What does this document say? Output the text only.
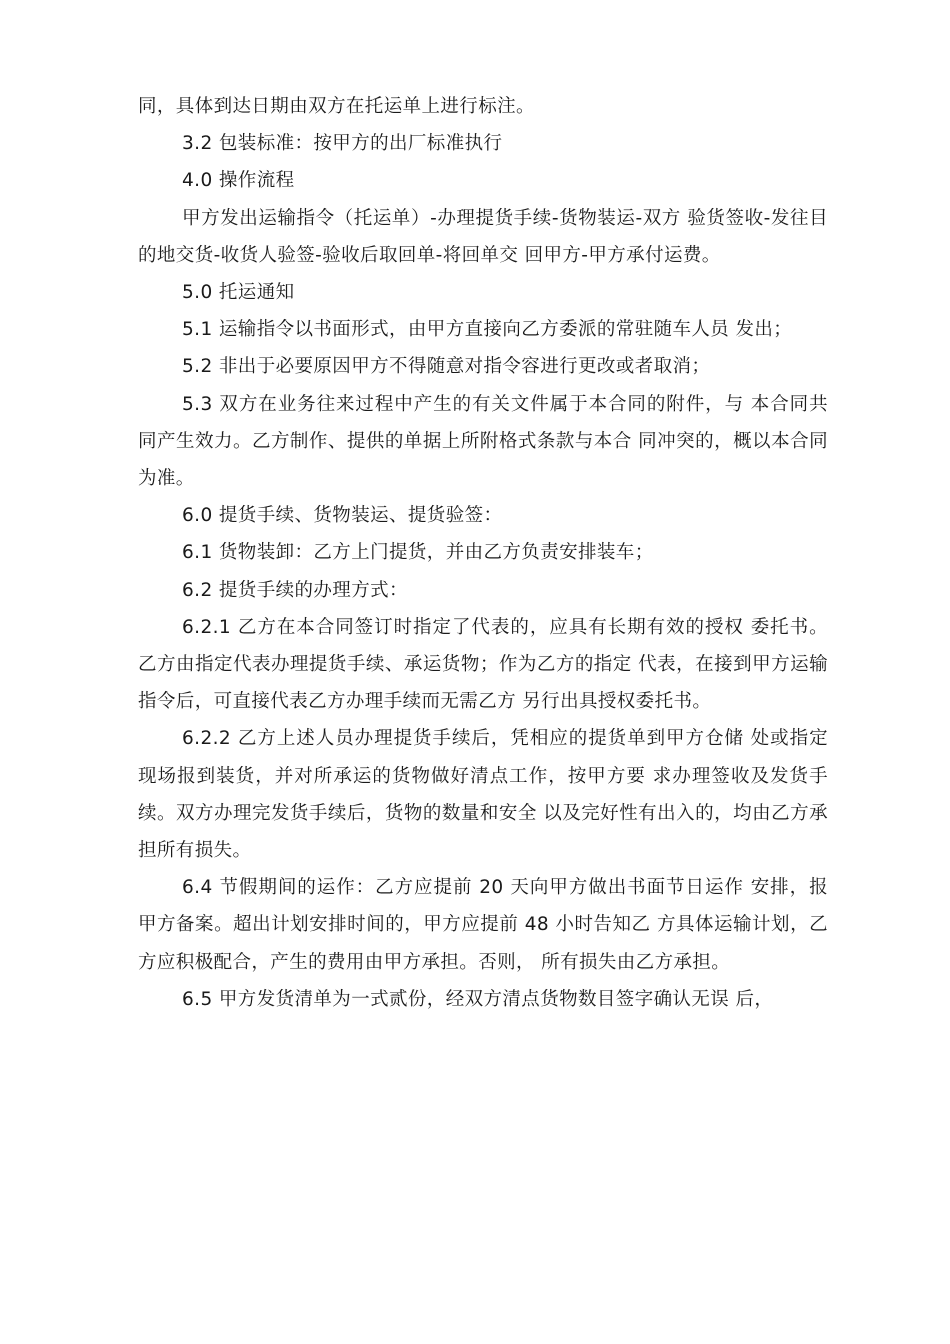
同，具体到达日期由双方在托运单上进行标注。

3.2 包装标准：按甲方的出厂标准执行

4.0 操作流程

甲方发出运输指令（托运单）-办理提货手续-货物装运-双方 验货签收-发往目的地交货-收货人验签-验收后取回单-将回单交 回甲方-甲方承付运费。

5.0 托运通知

5.1 运输指令以书面形式，由甲方直接向乙方委派的常驻随车人员 发出；

5.2 非出于必要原因甲方不得随意对指令容进行更改或者取消；

5.3 双方在业务往来过程中产生的有关文件属于本合同的附件，与 本合同共同产生效力。乙方制作、提供的单据上所附格式条款与本合 同冲突的，概以本合同为准。

6.0 提货手续、货物装运、提货验签：

6.1 货物装卸：乙方上门提货，并由乙方负责安排装车；

6.2 提货手续的办理方式：

6.2.1 乙方在本合同签订时指定了代表的，应具有长期有效的授权 委托书。乙方由指定代表办理提货手续、承运货物；作为乙方的指定 代表，在接到甲方运输指令后，可直接代表乙方办理手续而无需乙方 另行出具授权委托书。

6.2.2 乙方上述人员办理提货手续后，凭相应的提货单到甲方仓储 处或指定现场报到装货，并对所承运的货物做好清点工作，按甲方要 求办理签收及发货手续。双方办理完发货手续后，货物的数量和安全 以及完好性有出入的，均由乙方承担所有损失。

6.4 节假期间的运作：乙方应提前 20 天向甲方做出书面节日运作 安排，报甲方备案。超出计划安排时间的，甲方应提前 48 小时告知乙 方具体运输计划，乙方应积极配合，产生的费用由甲方承担。否则， 所有损失由乙方承担。

6.5 甲方发货清单为一式贰份，经双方清点货物数目签字确认无误 后，
